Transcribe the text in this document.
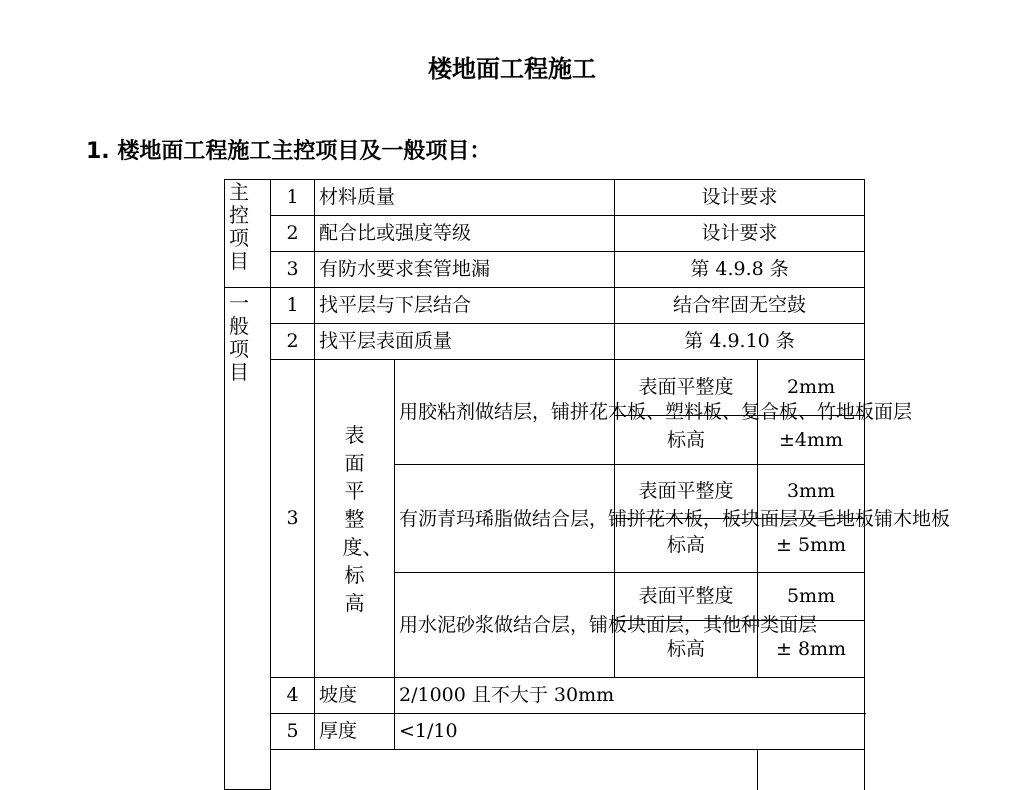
楼地面工程施工
1. 楼地面工程施工主控项目及一般项目：
主控项目	1	材料质量		设计要求		
	2	配合比或强度等级		设计要求		
	3	有防水要求套管地漏		第 4.9.8 条		

一般项目	1	找平层与下层结合		结合牢固无空鼓		
	2	找平层表面质量		第 4.9.10 条		
	3	表面平整度、标高	用胶粘剂做结层，铺拼花木板、塑料板、复合板、竹地板面层	表面平整度	2mm	
				标高	±4mm	
			有沥青玛琋脂做结合层，铺拼花木板，板块面层及毛地板铺木地板	表面平整度	3mm	
				标高	± 5mm	
			用水泥砂浆做结合层，铺板块面层，其他种类面层	表面平整度	5mm	
				标高	± 8mm	
	4	坡度	2/1000 且不大于 30mm			
	5	厚度	<1/10			
